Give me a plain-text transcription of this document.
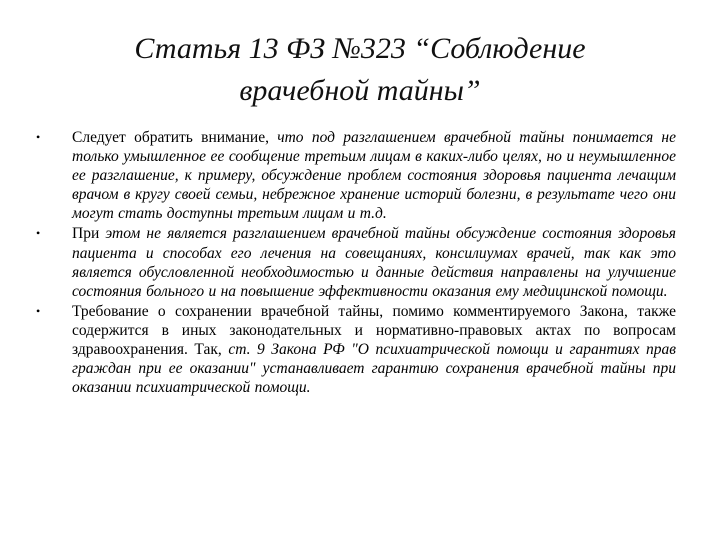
Статья 13 ФЗ №323 “Соблюдение
врачебной тайны”
•	Следует обратить внимание, что под разглашением врачебной тайны понимается не только умышленное ее сообщение третьим лицам в каких-либо целях, но и неумышленное ее разглашение, к примеру, обсуждение проблем состояния здоровья пациента лечащим врачом в кругу своей семьи, небрежное хранение историй болезни, в результате чего они могут стать доступны третьим лицам и т.д.
•	При этом не является разглашением врачебной тайны обсуждение состояния здоровья пациента и способах его лечения на совещаниях, консилиумах врачей, так как это является обусловленной необходимостью и данные действия направлены на улучшение состояния больного и на повышение эффективности оказания ему медицинской помощи.
•	Требование о сохранении врачебной тайны, помимо комментируемого Закона, также содержится в иных законодательных и нормативно-правовых актах по вопросам здравоохранения. Так, ст. 9 Закона РФ "О психиатрической помощи и гарантиях прав граждан при ее оказании" устанавливает гарантию сохранения врачебной тайны при оказании психиатрической помощи.
